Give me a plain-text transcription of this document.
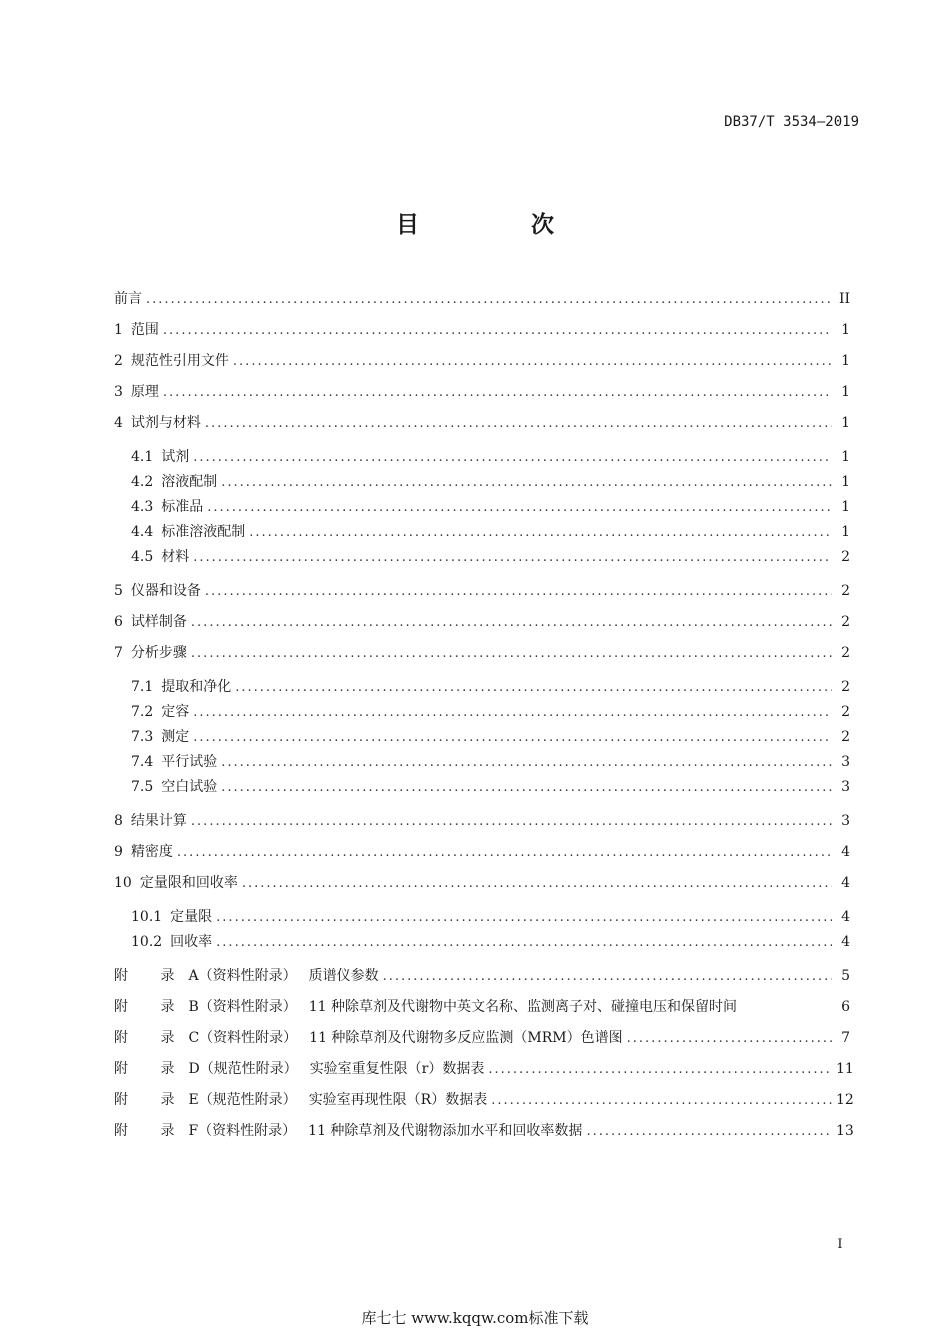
DB37/T 3534—2019
目 次
前言 .....	II
1 范围 .....	1
2 规范性引用文件 .....	1
3 原理 .....	1
4 试剂与材料 .....	1
4.1 试剂 .....	1
4.2 溶液配制 .....	1
4.3 标准品 .....	1
4.4 标准溶液配制 .....	1
4.5 材料 .....	2
5 仪器和设备 .....	2
6 试样制备 .....	2
7 分析步骤 .....	2
7.1 提取和净化 .....	2
7.2 定容 .....	2
7.3 测定 .....	2
7.4 平行试验 .....	3
7.5 空白试验 .....	3
8 结果计算 .....	3
9 精密度 .....	4
10 定量限和回收率 .....	4
10.1 定量限 .....	4
10.2 回收率 .....	4
附 录 A （资料性附录） 质谱仪参数 .....	5
附 录 B （资料性附录） 11 种除草剂及代谢物中英文名称、监测离子对、碰撞电压和保留时间	6
附 录 C （资料性附录） 11 种除草剂及代谢物多反应监测（MRM）色谱图 .....	7
附 录 D （规范性附录） 实验室重复性限（r）数据表 .....	11
附 录 E （规范性附录） 实验室再现性限（R）数据表 .....	12
附 录 F （资料性附录） 11 种除草剂及代谢物添加水平和回收率数据 .....	13
I
库七七 www.kqqw.com标准下载
